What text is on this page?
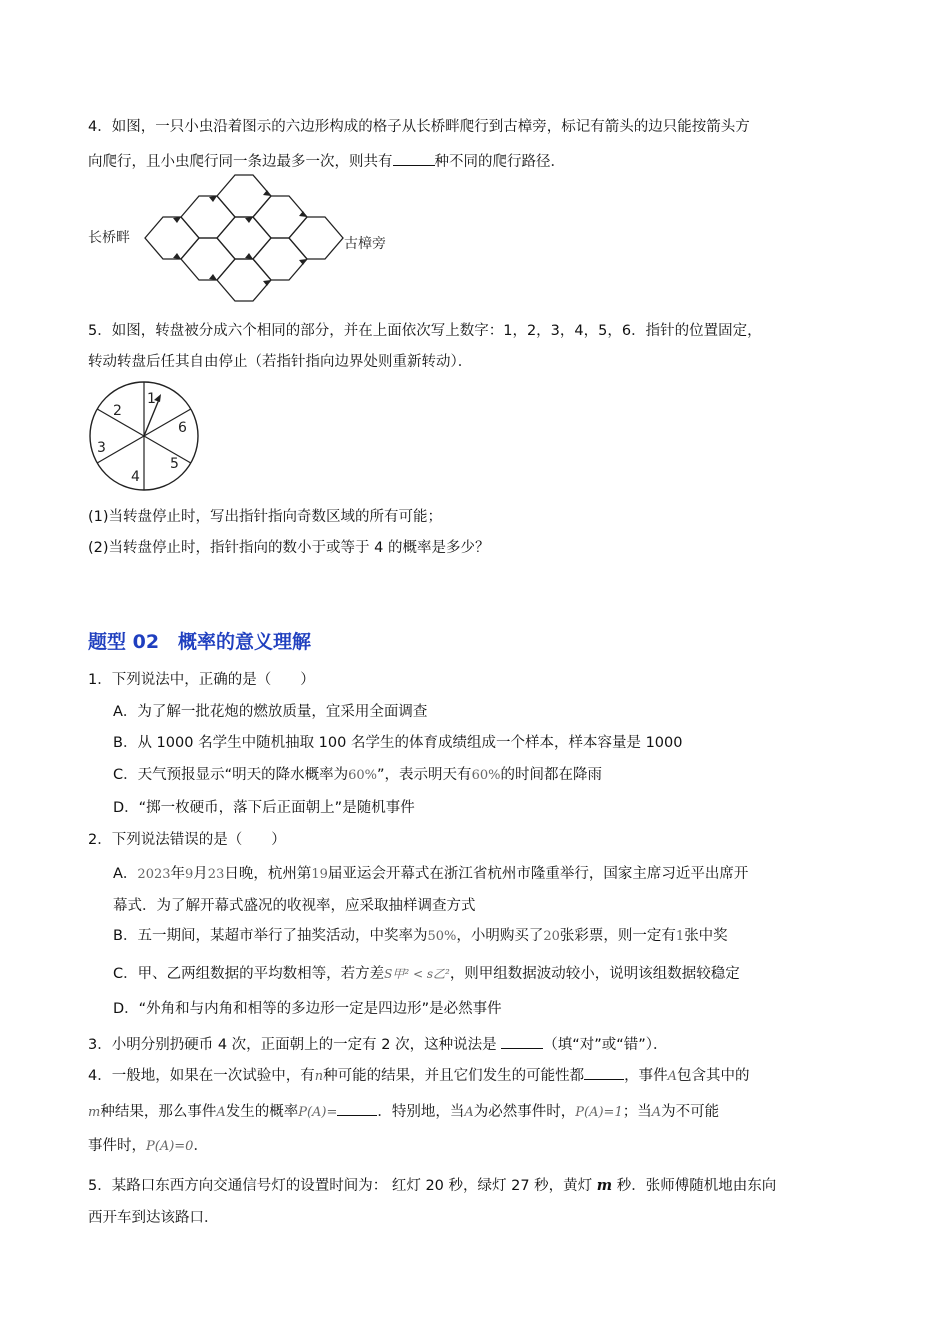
4．如图，一只小虫沿着图示的六边形构成的格子从长桥畔爬行到古樟旁，标记有箭头的边只能按箭头方
向爬行，且小虫爬行同一条边最多一次，则共有	种不同的爬行路径．
长桥畔	古樟旁
5．如图，转盘被分成六个相同的部分，并在上面依次写上数字：1，2，3，4，5，6．指针的位置固定，
转动转盘后任其自由停止（若指针指向边界处则重新转动）．
1
2
3
4
5
6
(1)当转盘停止时，写出指针指向奇数区域的所有可能；
(2)当转盘停止时，指针指向的数小于或等于 4 的概率是多少？
题型 02　概率的意义理解
1．下列说法中，正确的是（　　）
A．为了解一批花炮的燃放质量，宜采用全面调查
B．从 1000 名学生中随机抽取 100 名学生的体育成绩组成一个样本，样本容量是 1000
C．天气预报显示“明天的降水概率为60%”，表示明天有60%的时间都在降雨
D．“掷一枚硬币，落下后正面朝上”是随机事件
2．下列说法错误的是（　　）
A．2023年9月23日晚，杭州第19届亚运会开幕式在浙江省杭州市隆重举行，国家主席习近平出席开
幕式．为了解开幕式盛况的收视率，应采取抽样调查方式
B．五一期间，某超市举行了抽奖活动，中奖率为50%，小明购买了20张彩票，则一定有1张中奖
C．甲、乙两组数据的平均数相等，若方差S甲² < s乙²，则甲组数据波动较小，说明该组数据较稳定
D．“外角和与内角和相等的多边形一定是四边形”是必然事件
3．小明分别扔硬币 4 次，正面朝上的一定有 2 次，这种说法是	（填“对”或“错”）．
4．一般地，如果在一次试验中，有n种可能的结果，并且它们发生的可能性都	，事件A包含其中的
m种结果，那么事件A发生的概率P(A)=	．特别地，当A为必然事件时，P(A)=1；当A为不可能
事件时，P(A)=0．
5．某路口东西方向交通信号灯的设置时间为： 红灯 20 秒，绿灯 27 秒，黄灯 m 秒．张师傅随机地由东向
西开车到达该路口．
